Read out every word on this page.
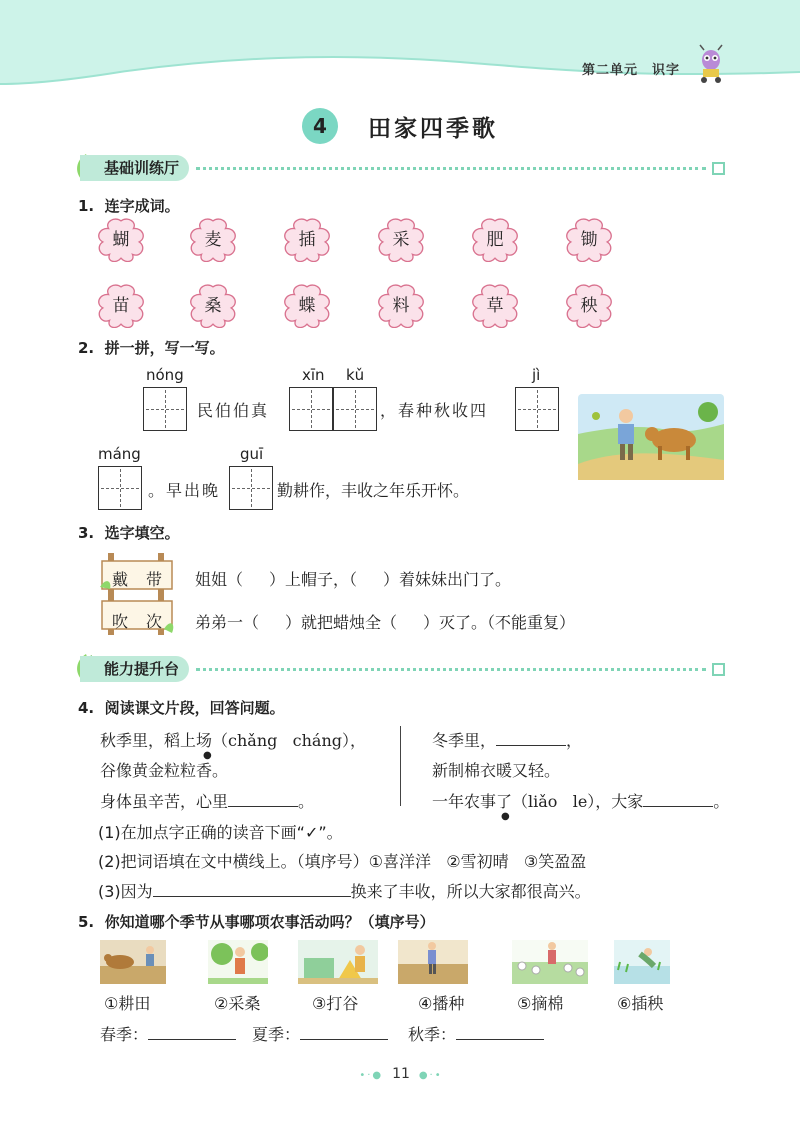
第二单元 识字
4	田家四季歌
基础训练厅
1. 连字成词。
蝴	麦	插	采	肥	锄
苗	桑	蝶	料	草	秧
2. 拼一拼，写一写。
nóng
民伯伯真
xīn kǔ
，春种秋收四
jì
máng
。早出晚
guī
勤耕作，丰收之年乐开怀。
3. 选字填空。
戴 带
吹 次
姐姐（ ）上帽子，（ ）着妹妹出门了。
弟弟一（ ）就把蜡烛全（ ）灭了。（不能重复）
能力提升台
4. 阅读课文片段，回答问题。
秋季里，稻上场
●
（chǎng   cháng），
谷像黄金粒粒香。
身体虽辛苦，心里	。
冬季里，	，
新制棉衣暖又轻。
一年农事了
●
（liǎo   le），大家	。
(1)在加点字正确的读音下画“✓”。
(2)把词语填在文中横线上。（填序号）①喜洋洋   ②雪初晴   ③笑盈盈
(3)因为	换来了丰收，所以大家都很高兴。
5. 你知道哪个季节从事哪项农事活动吗？（填序号）
①耕田	②采桑	③打谷	④播种	⑤摘棉	⑥插秧
春季：	夏季：	秋季：
•·● 11 ●·•
